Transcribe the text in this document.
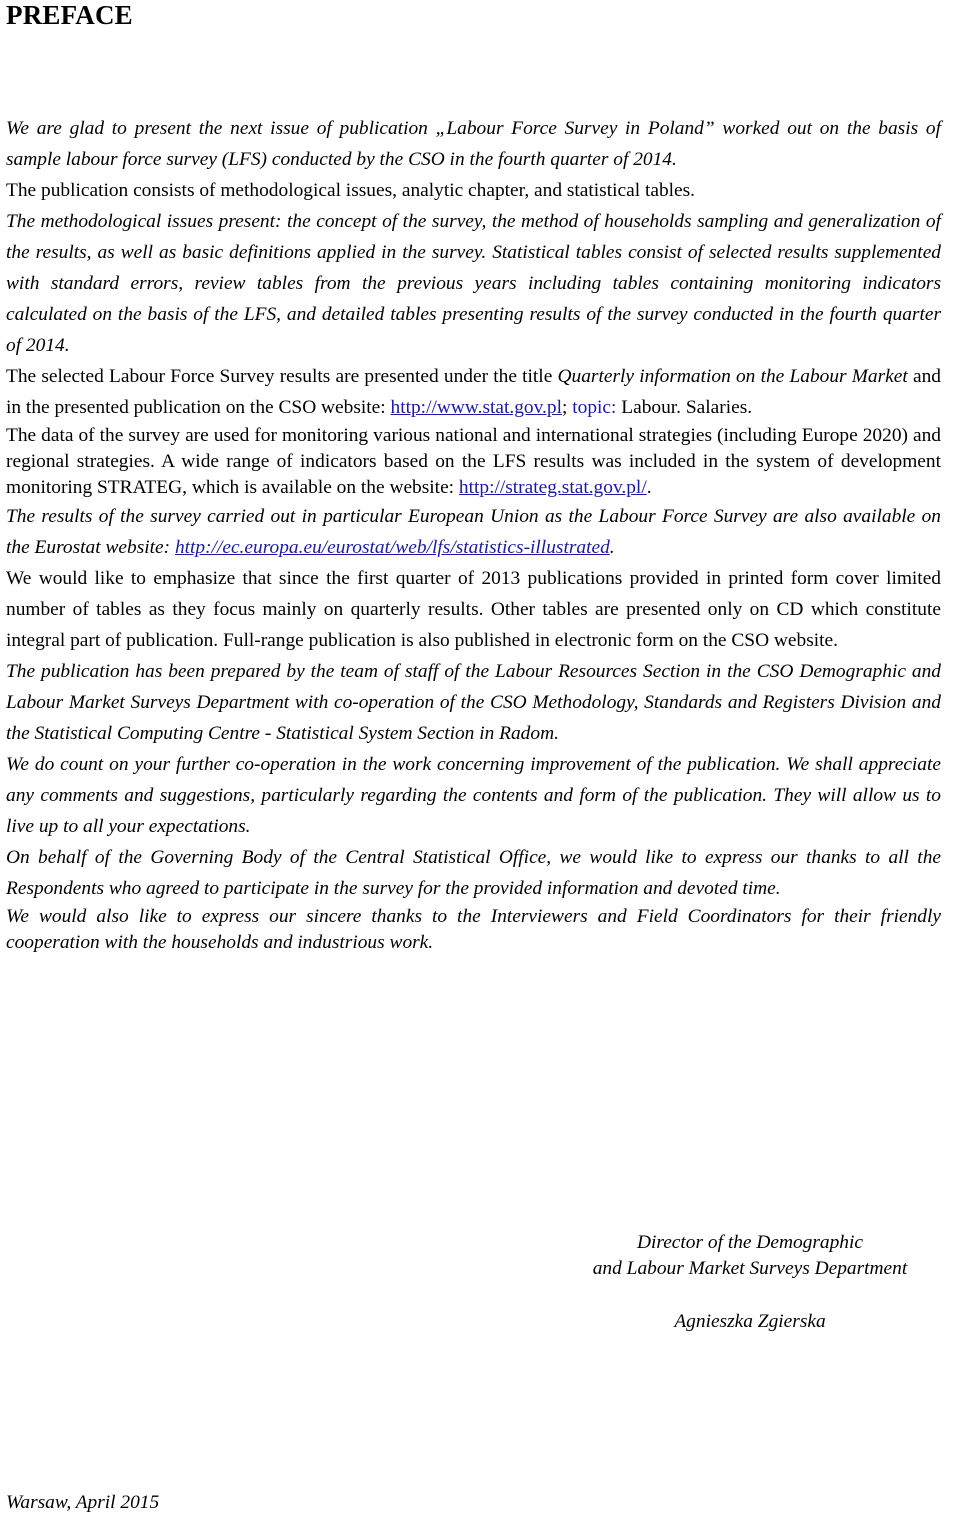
PREFACE

We are glad to present the next issue of publication „Labour Force Survey in Poland” worked out on the basis of sample labour force survey (LFS) conducted by the CSO in the fourth quarter of 2014.

The publication consists of methodological issues, analytic chapter, and statistical tables.

The methodological issues present: the concept of the survey, the method of households sampling and generalization of the results, as well as basic definitions applied in the survey. Statistical tables consist of selected results supplemented with standard errors, review tables from the previous years including tables containing monitoring indicators calculated on the basis of the LFS, and detailed tables presenting results of the survey conducted in the fourth quarter of 2014.

The selected Labour Force Survey results are presented under the title Quarterly information on the Labour Market and in the presented publication on the CSO website: http://www.stat.gov.pl; topic: Labour. Salaries.

The data of the survey are used for monitoring various national and international strategies (including Europe 2020) and regional strategies. A wide range of indicators based on the LFS results was included in the system of development monitoring STRATEG, which is available on the website: http://strateg.stat.gov.pl/.

The results of the survey carried out in particular European Union as the Labour Force Survey are also available on the Eurostat website: http://ec.europa.eu/eurostat/web/lfs/statistics-illustrated.

We would like to emphasize that since the first quarter of 2013 publications provided in printed form cover limited number of tables as they focus mainly on quarterly results. Other tables are presented only on CD which constitute integral part of publication. Full-range publication is also published in electronic form on the CSO website.

The publication has been prepared by the team of staff of the Labour Resources Section in the CSO Demographic and Labour Market Surveys Department with co-operation of the CSO Methodology, Standards and Registers Division and the Statistical Computing Centre - Statistical System Section in Radom.

We do count on your further co-operation in the work concerning improvement of the publication. We shall appreciate any comments and suggestions, particularly regarding the contents and form of the publication. They will allow us to live up to all your expectations.

On behalf of the Governing Body of the Central Statistical Office, we would like to express our thanks to all the Respondents who agreed to participate in the survey for the provided information and devoted time.

We would also like to express our sincere thanks to the Interviewers and Field Coordinators for their friendly cooperation with the households and industrious work.

Director of the Demographic
and Labour Market Surveys Department
Agnieszka Zgierska
Warsaw, April 2015
